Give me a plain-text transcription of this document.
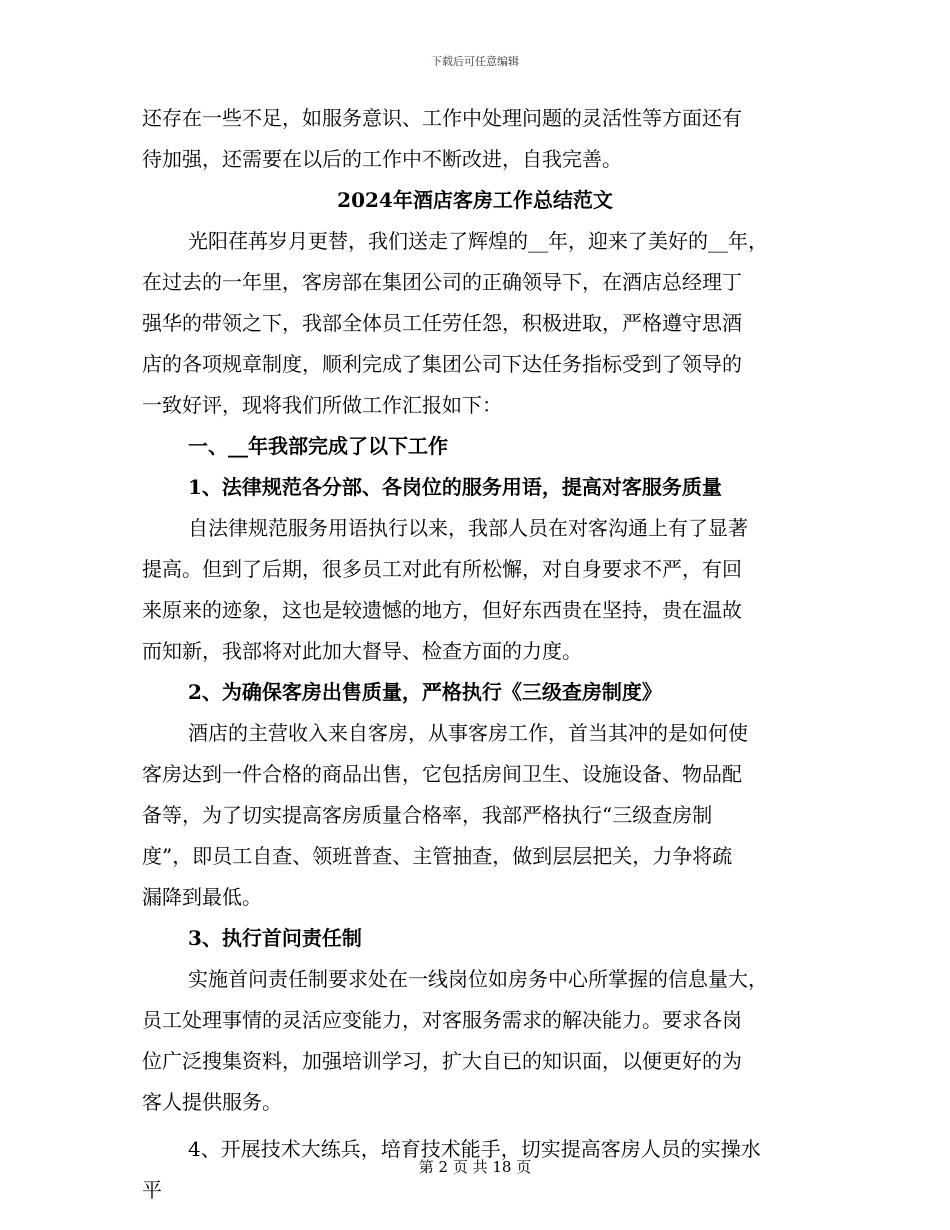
下载后可任意编辑
还存在一些不足，如服务意识、工作中处理问题的灵活性等方面还有
待加强，还需要在以后的工作中不断改进，自我完善。
2024年酒店客房工作总结范文
光阳荏苒岁月更替，我们送走了辉煌的__年，迎来了美好的__年，
在过去的一年里，客房部在集团公司的正确领导下，在酒店总经理丁
强华的带领之下，我部全体员工任劳任怨，积极进取，严格遵守思酒
店的各项规章制度，顺利完成了集团公司下达任务指标受到了领导的
一致好评，现将我们所做工作汇报如下：
一、__年我部完成了以下工作
1、法律规范各分部、各岗位的服务用语，提高对客服务质量
自法律规范服务用语执行以来，我部人员在对客沟通上有了显著
提高。但到了后期，很多员工对此有所松懈，对自身要求不严，有回
来原来的迹象，这也是较遗憾的地方，但好东西贵在坚持，贵在温故
而知新，我部将对此加大督导、检查方面的力度。
2、为确保客房出售质量，严格执行《三级查房制度》
酒店的主营收入来自客房，从事客房工作，首当其冲的是如何使
客房达到一件合格的商品出售，它包括房间卫生、设施设备、物品配
备等，为了切实提高客房质量合格率，我部严格执行“三级查房制
度”，即员工自查、领班普查、主管抽查，做到层层把关，力争将疏
漏降到最低。
3、执行首问责任制
实施首问责任制要求处在一线岗位如房务中心所掌握的信息量大，
员工处理事情的灵活应变能力，对客服务需求的解决能力。要求各岗
位广泛搜集资料，加强培训学习，扩大自已的知识面，以便更好的为
客人提供服务。
4、开展技术大练兵，培育技术能手，切实提高客房人员的实操水
平
第 2 页 共 18 页
